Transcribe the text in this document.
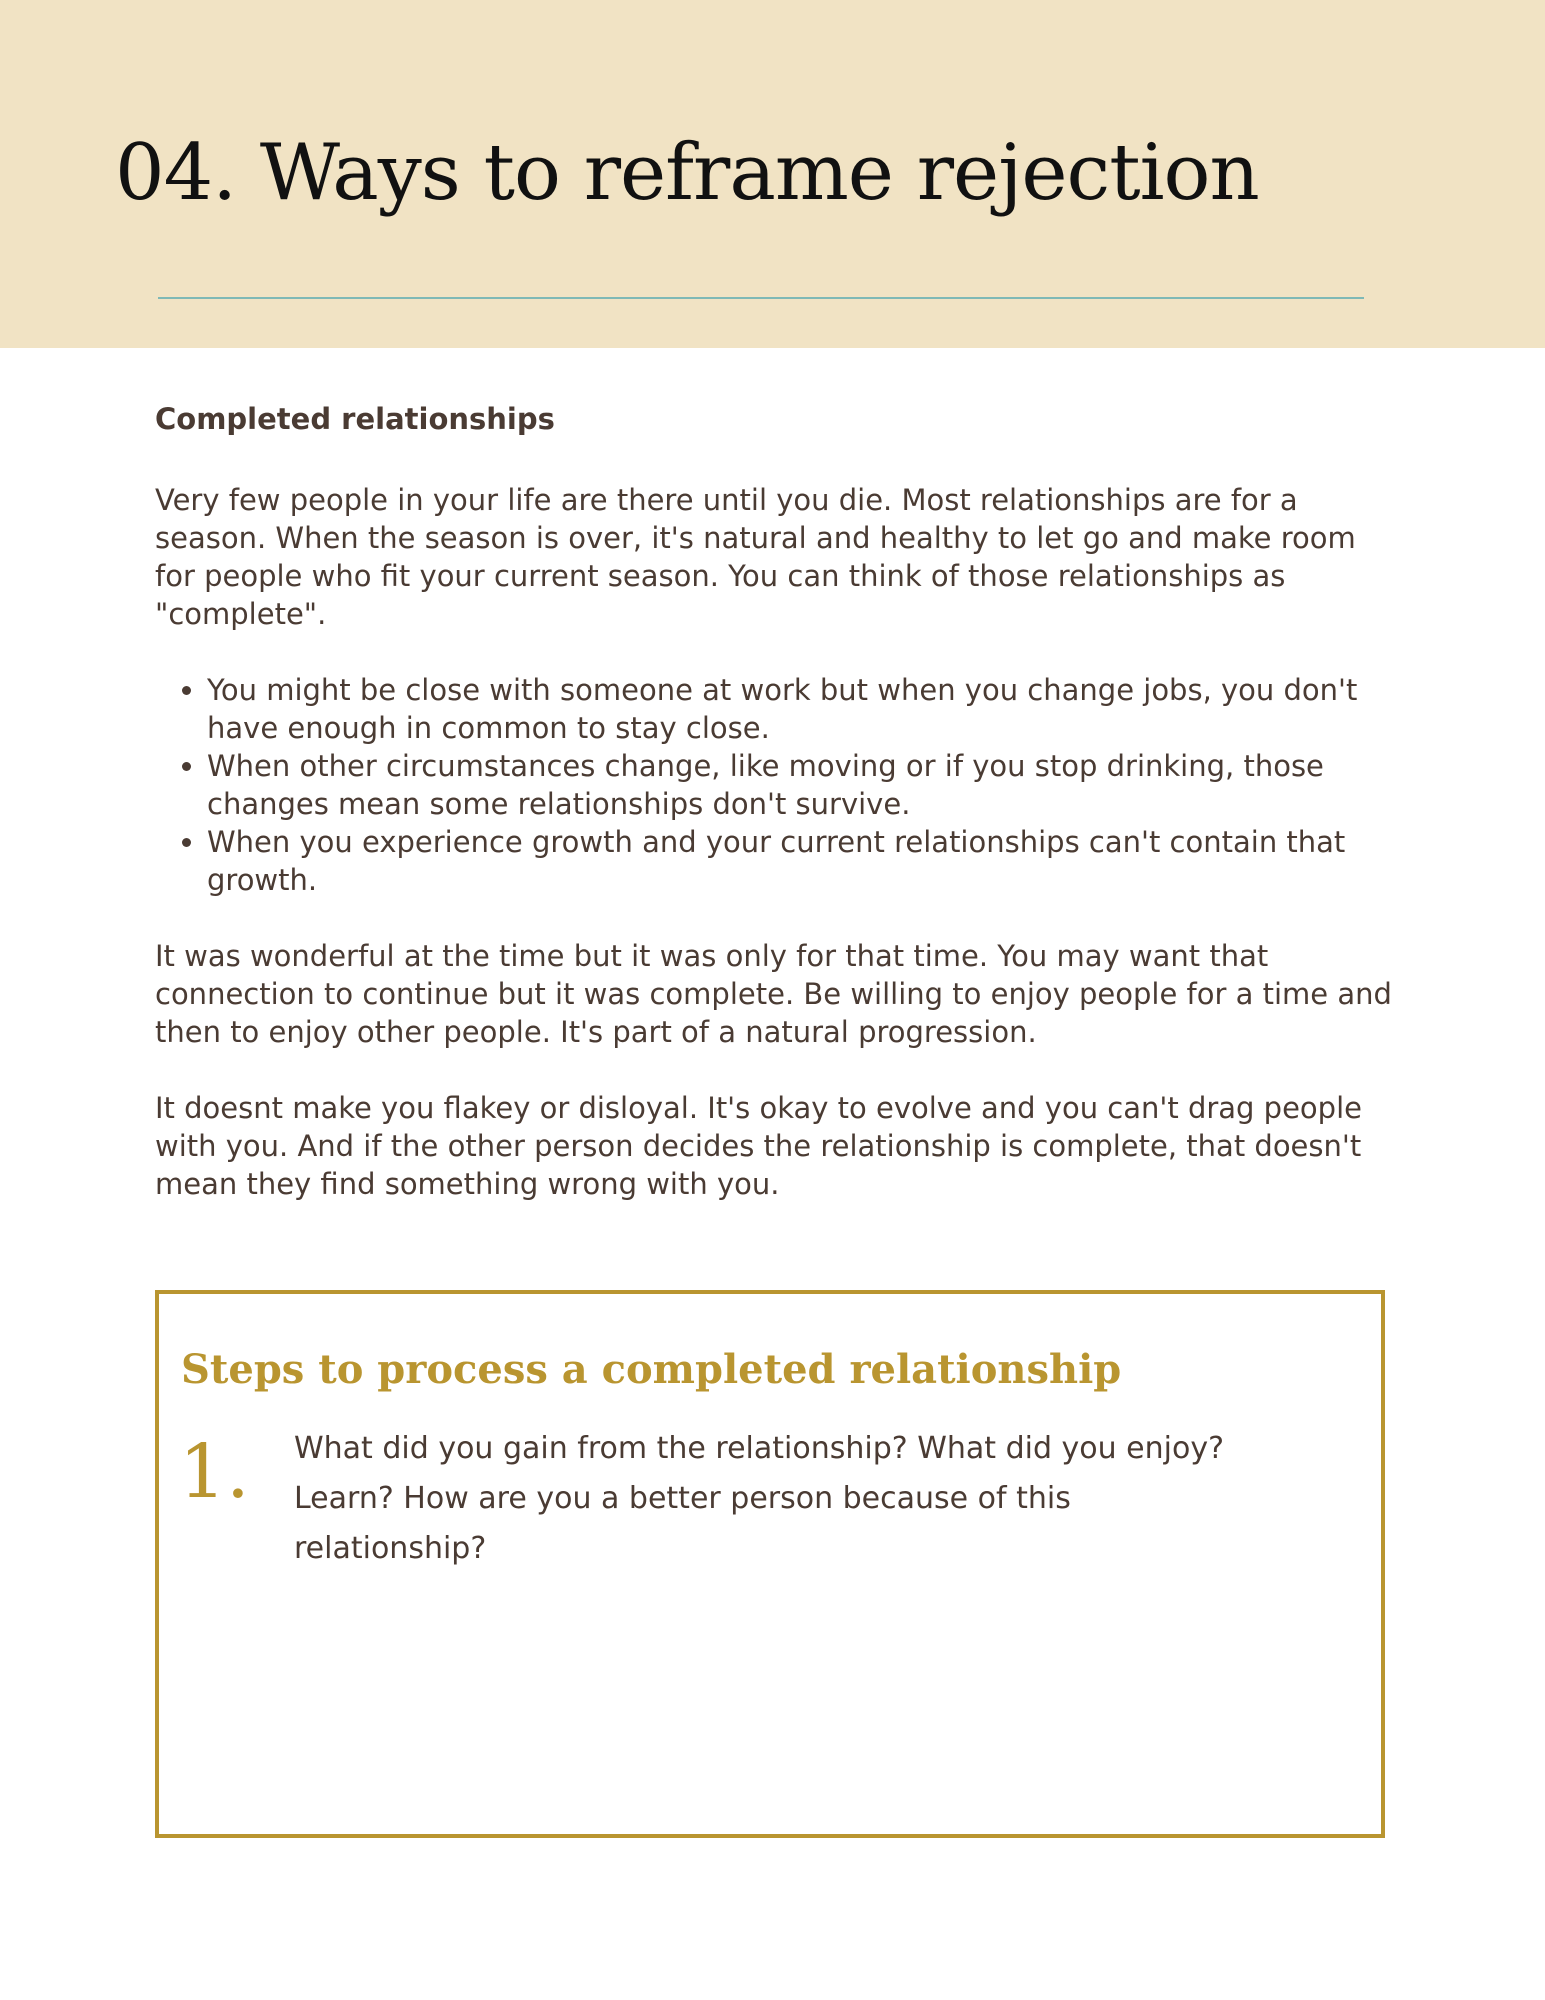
04. Ways to reframe rejection
Completed relationships

Very few people in your life are there until you die. Most relationships are for a season. When the season is over, it's natural and healthy to let go and make room for people who fit your current season. You can think of those relationships as "complete".

• You might be close with someone at work but when you change jobs, you don't have enough in common to stay close.
• When other circumstances change, like moving or if you stop drinking, those changes mean some relationships don't survive.
• When you experience growth and your current relationships can't contain that growth.

It was wonderful at the time but it was only for that time. You may want that connection to continue but it was complete. Be willing to enjoy people for a time and then to enjoy other people. It's part of a natural progression.

It doesnt make you flakey or disloyal. It's okay to evolve and you can't drag people with you. And if the other person decides the relationship is complete, that doesn't mean they find something wrong with you.

Steps to process a completed relationship
1. What did you gain from the relationship? What did you enjoy? Learn? How are you a better person because of this relationship?
